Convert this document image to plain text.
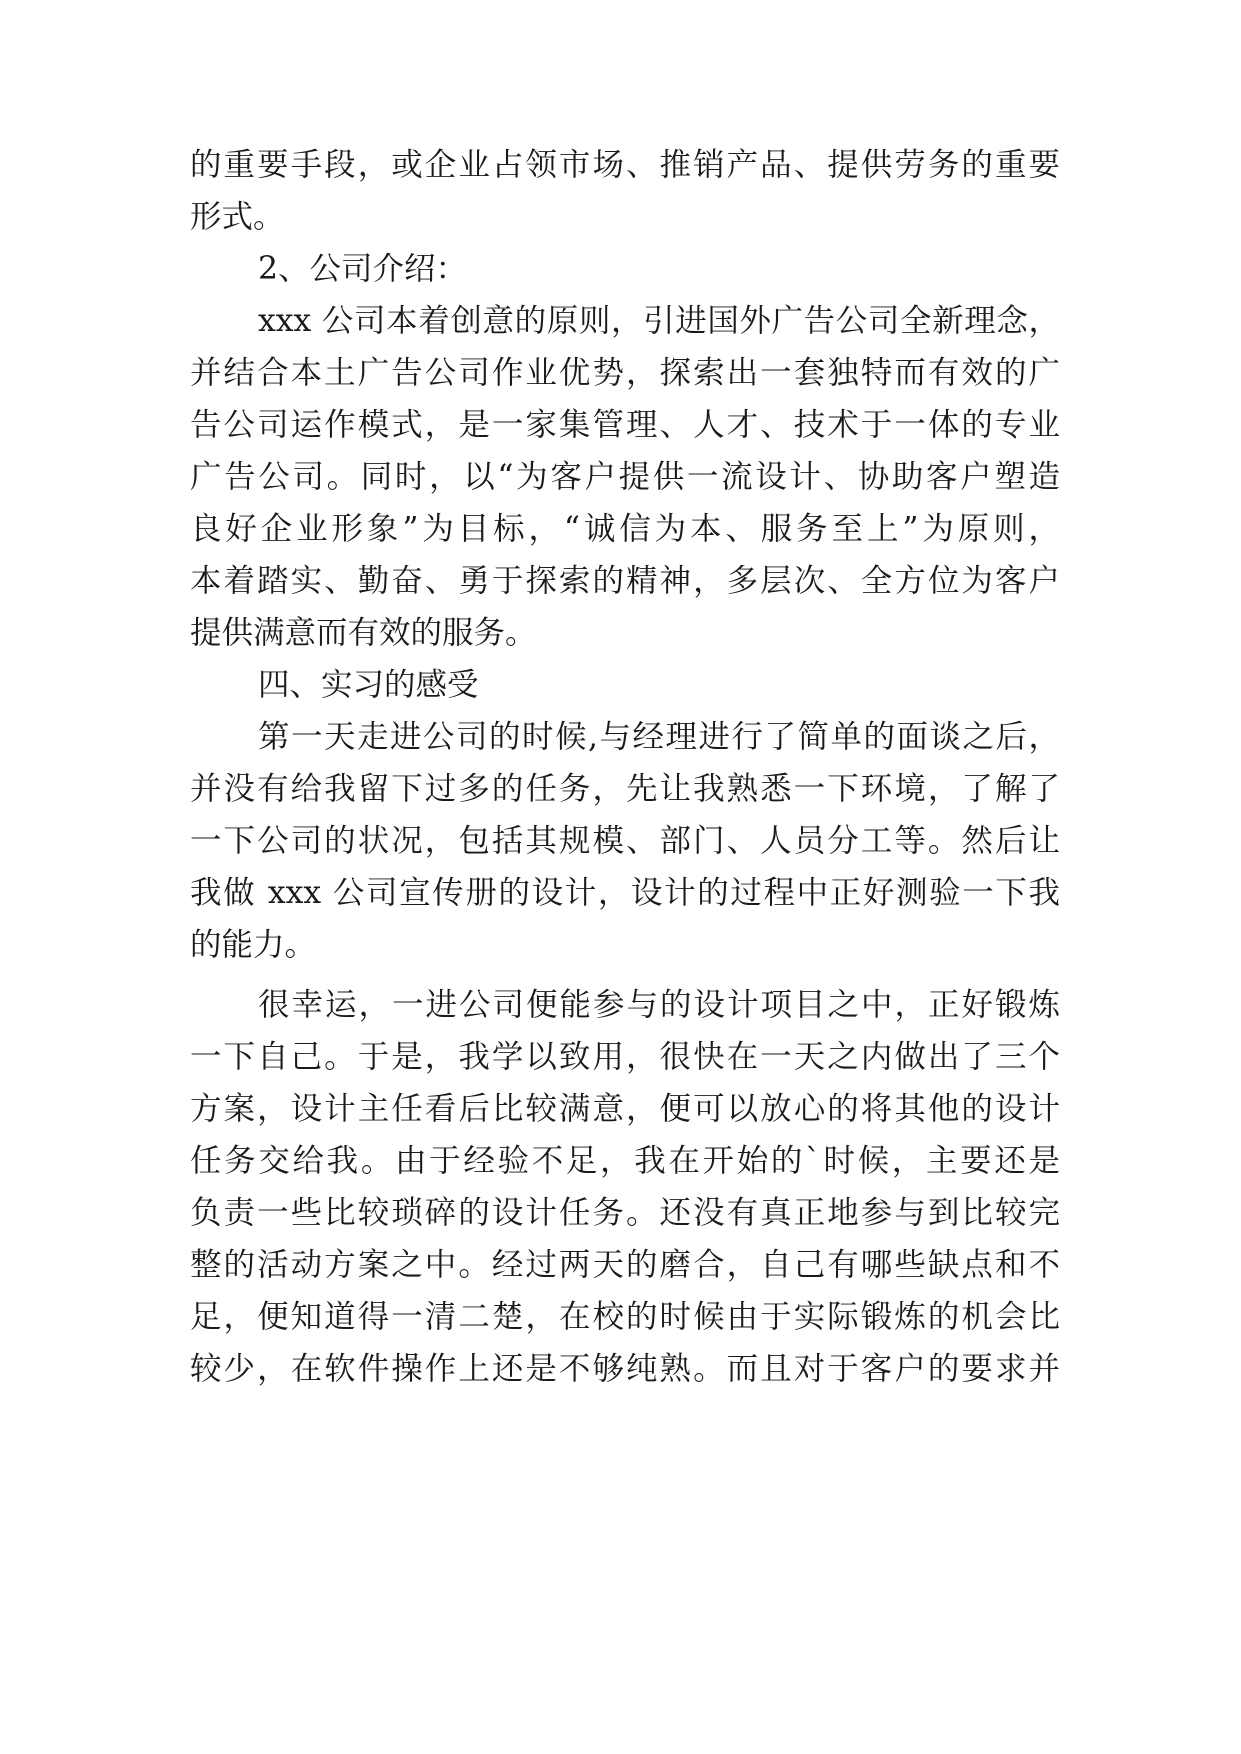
的重要手段，或企业占领市场、推销产品、提供劳务的重要
形式。
2、公司介绍：
xxx 公司本着创意的原则，引进国外广告公司全新理念，
并结合本土广告公司作业优势，探索出一套独特而有效的广
告公司运作模式，是一家集管理、人才、技术于一体的专业
广告公司。同时，以“为客户提供一流设计、协助客户塑造
良好企业形象”为目标，“诚信为本、服务至上”为原则，
本着踏实、勤奋、勇于探索的精神，多层次、全方位为客户
提供满意而有效的服务。
四、实习的感受
第一天走进公司的时候,与经理进行了简单的面谈之后，
并没有给我留下过多的任务，先让我熟悉一下环境，了解了
一下公司的状况，包括其规模、部门、人员分工等。然后让
我做 xxx 公司宣传册的设计，设计的过程中正好测验一下我
的能力。
很幸运，一进公司便能参与的设计项目之中，正好锻炼
一下自己。于是，我学以致用，很快在一天之内做出了三个
方案，设计主任看后比较满意，便可以放心的将其他的设计
任务交给我。由于经验不足，我在开始的`时候，主要还是
负责一些比较琐碎的设计任务。还没有真正地参与到比较完
整的活动方案之中。经过两天的磨合，自己有哪些缺点和不
足，便知道得一清二楚，在校的时候由于实际锻炼的机会比
较少，在软件操作上还是不够纯熟。而且对于客户的要求并
